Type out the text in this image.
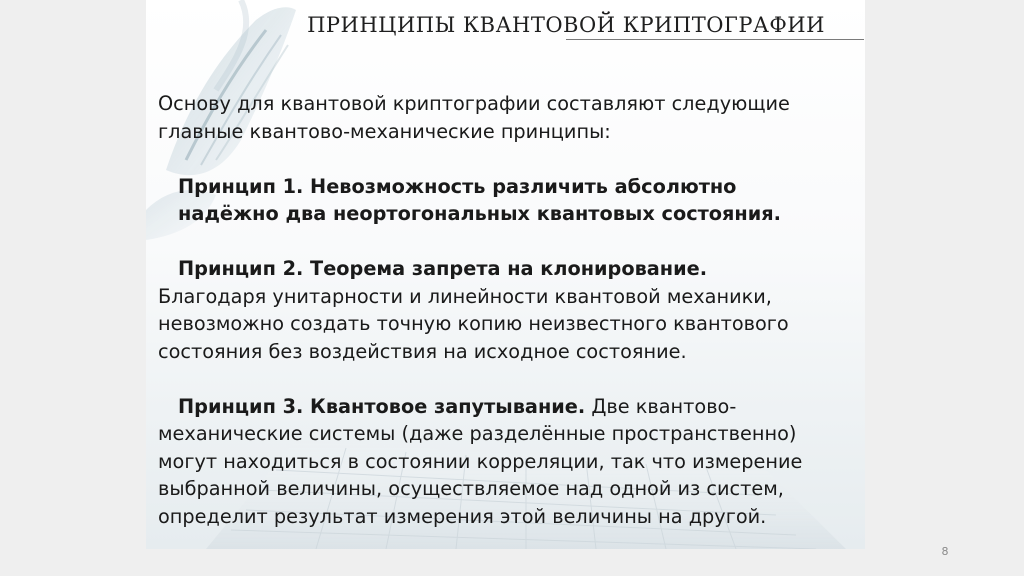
ПРИНЦИПЫ КВАНТОВОЙ КРИПТОГРАФИИ

Основу для квантовой криптографии составляют следующие
главные квантово-механические принципы:

Принцип 1. Невозможность различить абсолютно
надёжно два неортогональных квантовых состояния.

Принцип 2. Теорема запрета на клонирование.
Благодаря унитарности и линейности квантовой механики,
невозможно создать точную копию неизвестного квантового
состояния без воздействия на исходное состояние.

Принцип 3. Квантовое запутывание. Две квантово-
механические системы (даже разделённые пространственно)
могут находиться в состоянии корреляции, так что измерение
выбранной величины, осуществляемое над одной из систем,
определит результат измерения этой величины на другой.

8
